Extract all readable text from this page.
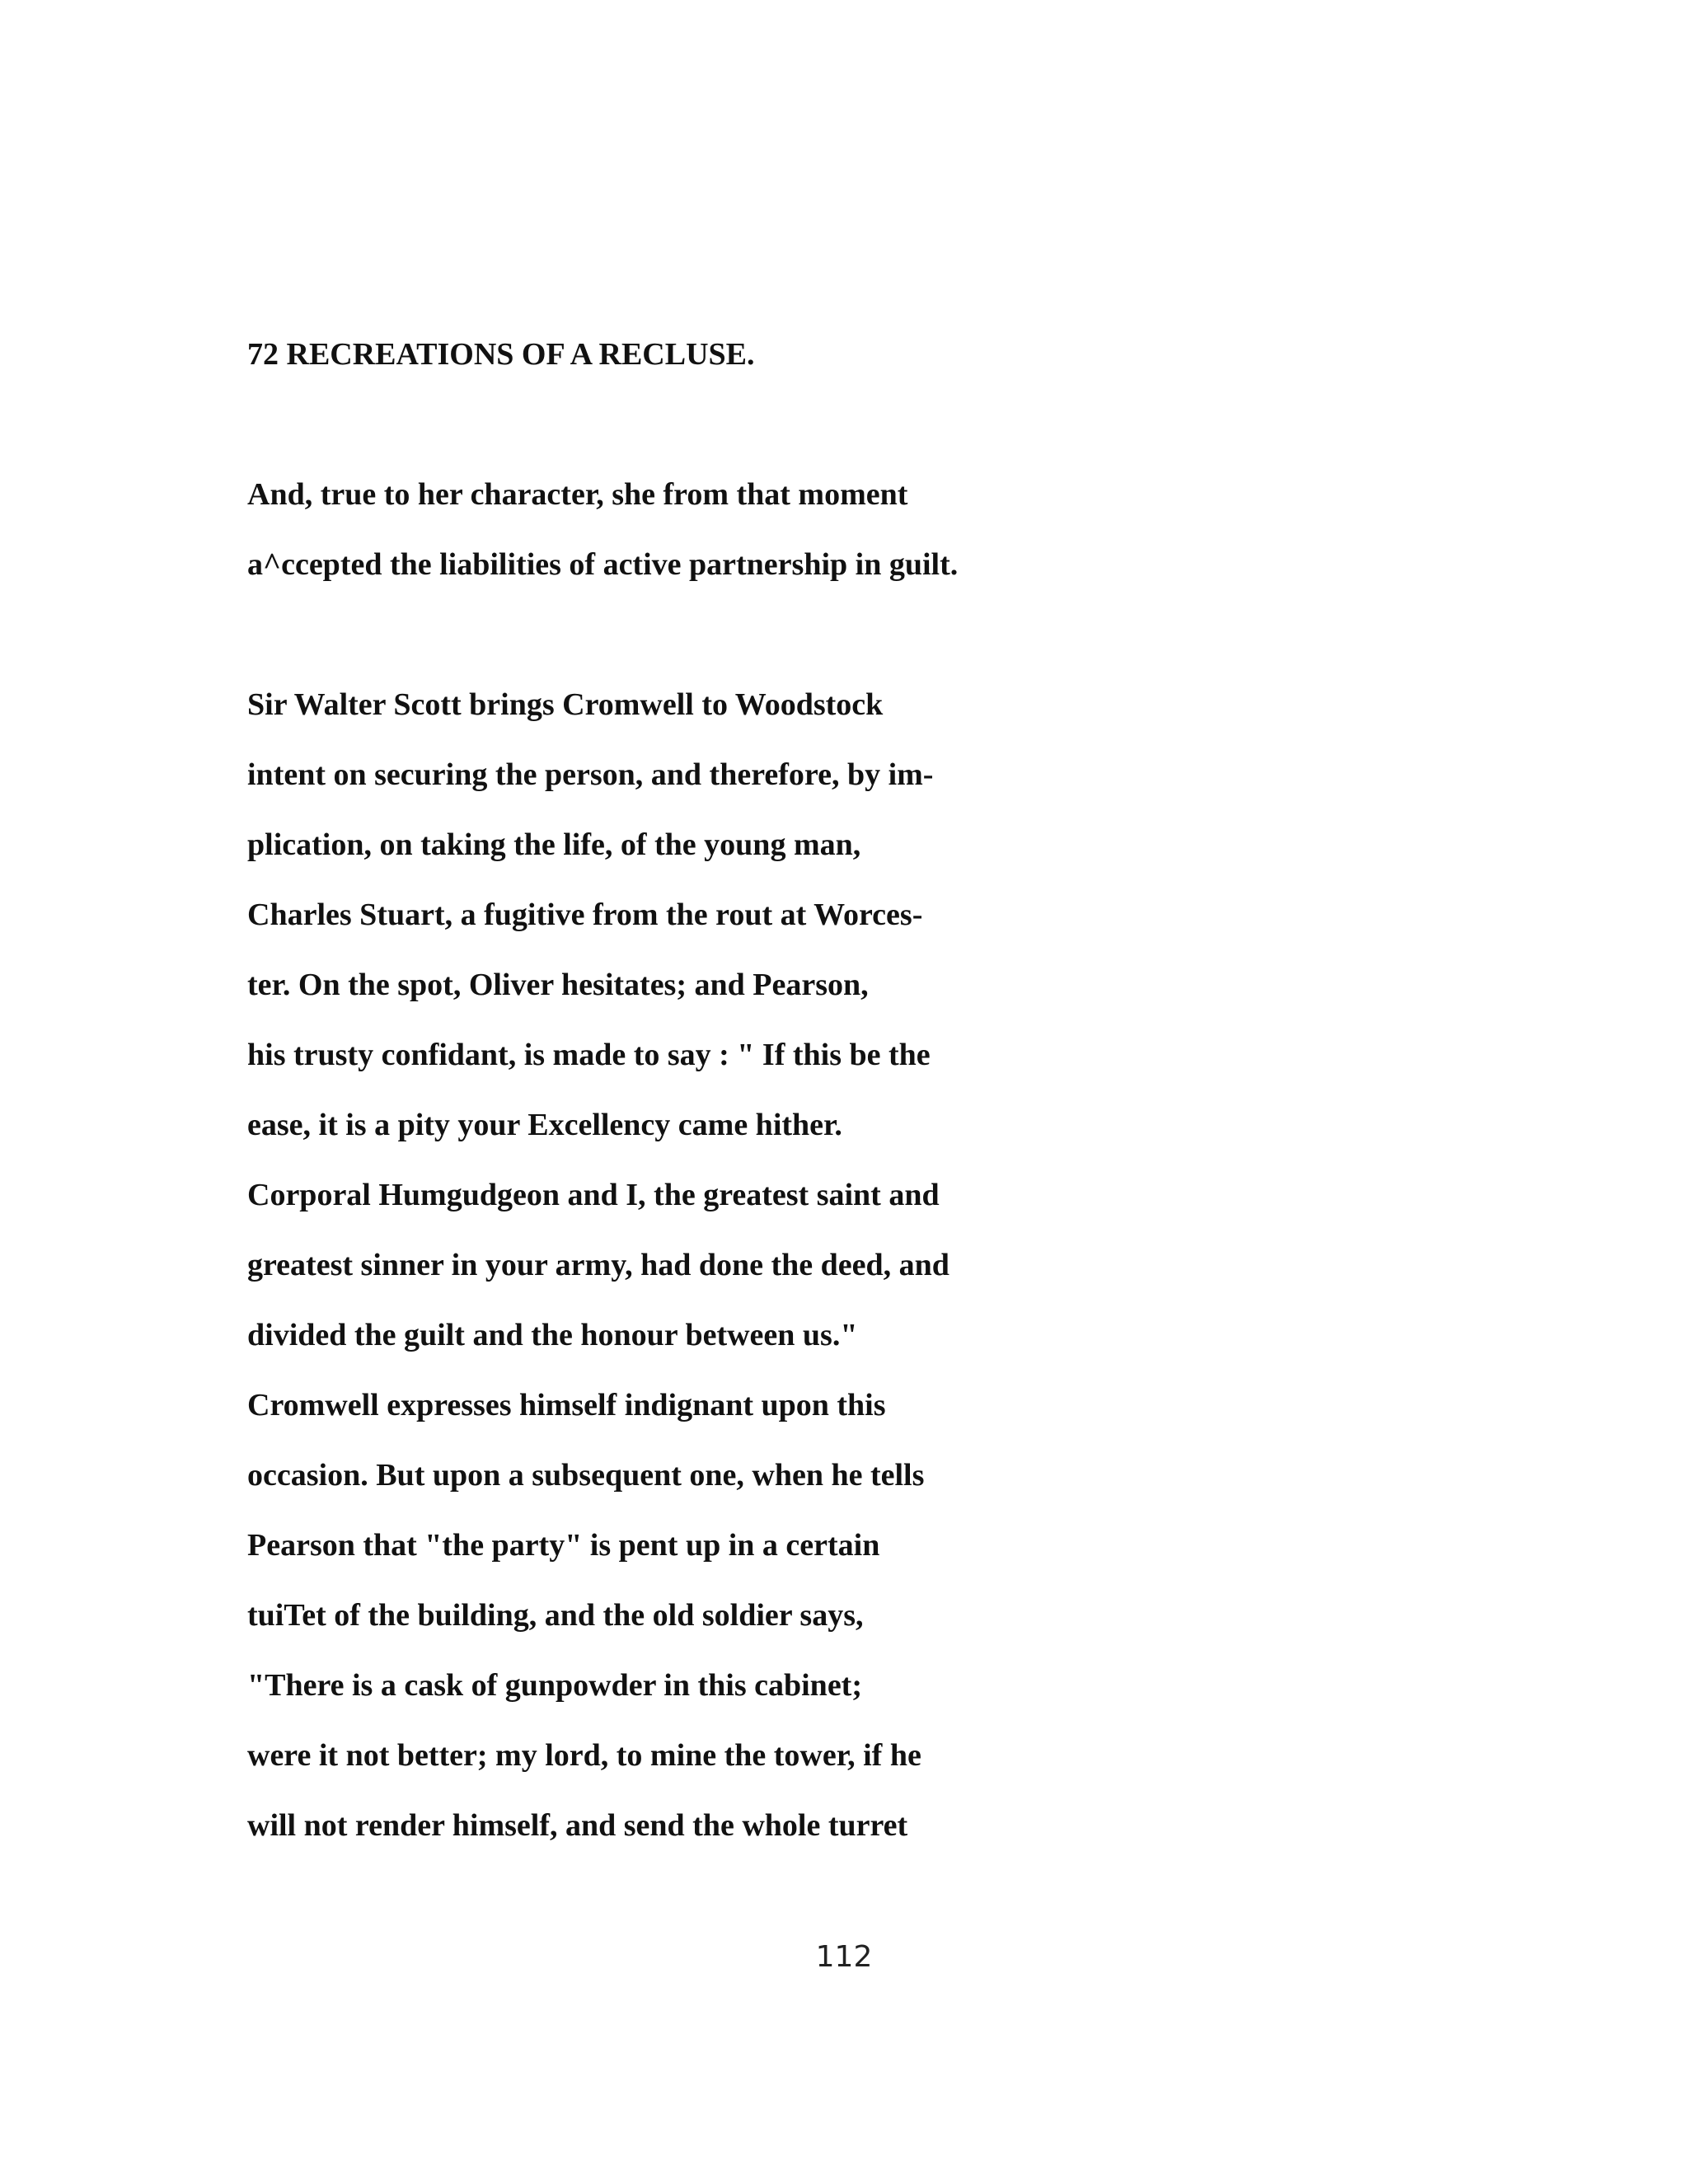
72 RECREATIONS OF A RECLUSE.
And, true to her character, she from that moment
a^ccepted the liabilities of active partnership in guilt.
Sir Walter Scott brings Cromwell to Woodstock
intent on securing the person, and therefore, by im-
plication, on taking the life, of the young man,
Charles Stuart, a fugitive from the rout at Worces-
ter. On the spot, Oliver hesitates; and Pearson,
his trusty confidant, is made to say : " If this be the
ease, it is a pity your Excellency came hither.
Corporal Humgudgeon and I, the greatest saint and
greatest sinner in your army, had done the deed, and
divided the guilt and the honour between us."
Cromwell expresses himself indignant upon this
occasion. But upon a subsequent one, when he tells
Pearson that "the party" is pent up in a certain
tuiTet of the building, and the old soldier says,
"There is a cask of gunpowder in this cabinet;
were it not better; my lord, to mine the tower, if he
will not render himself, and send the whole turret
112
